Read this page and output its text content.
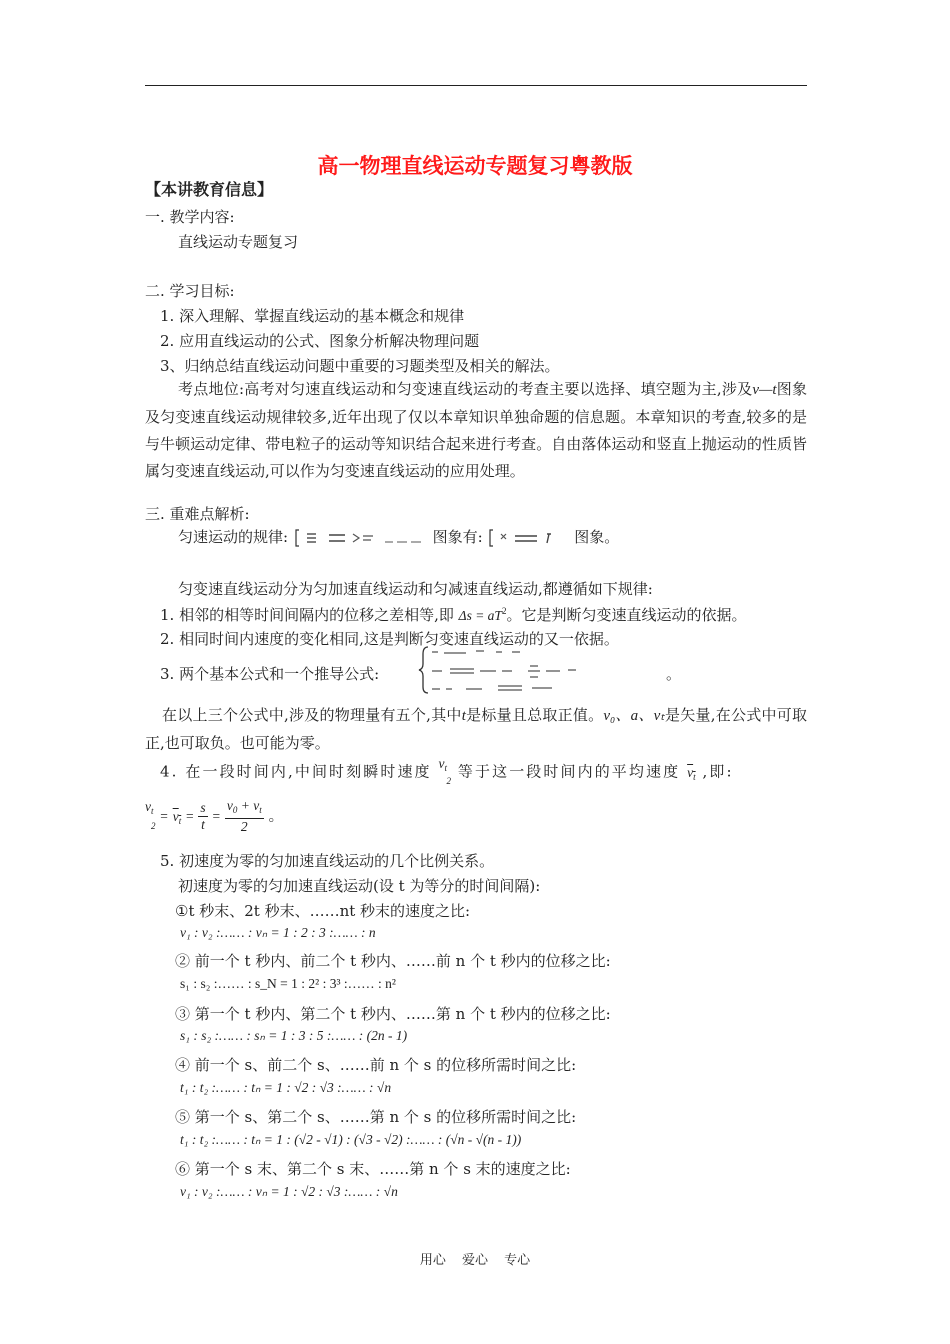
高一物理直线运动专题复习粤教版
【本讲教育信息】
一. 教学内容:
直线运动专题复习
二. 学习目标:
1. 深入理解、掌握直线运动的基本概念和规律
2. 应用直线运动的公式、图象分析解决物理问题
3、归纳总结直线运动问题中重要的习题类型及相关的解法。
考点地位:高考对匀速直线运动和匀变速直线运动的考查主要以选择、填空题为主,涉及v—t图象及匀变速直线运动规律较多,近年出现了仅以本章知识单独命题的信息题。本章知识的考查,较多的是与牛顿运动定律、带电粒子的运动等知识结合起来进行考查。自由落体运动和竖直上抛运动的性质皆属匀变速直线运动,可以作为匀变速直线运动的应用处理。
三. 重难点解析:
匀速运动的规律:	图象有:	图象。
匀变速直线运动分为匀加速直线运动和匀减速直线运动,都遵循如下规律:
1. 相邻的相等时间间隔内的位移之差相等,即 $\Delta s = aT^2$。它是判断匀变速直线运动的依据。
2. 相同时间内速度的变化相同,这是判断匀变速直线运动的又一依据。
3. 两个基本公式和一个推导公式:	。
在以上三个公式中,涉及的物理量有五个,其中t是标量且总取正值。v₀、a、vₜ是矢量,在公式中可取正,也可取负。也可能为零。
4. 在一段时间内,中间时刻瞬时速度 $v_t$
2 等于这一段时间内的平均速度 $v_t$ ,即:
$v_t$
$2 = v_t = \frac{s}{t} = \frac{v_0 + v_t}{2}$ 。
5. 初速度为零的匀加速直线运动的几个比例关系。
初速度为零的匀加速直线运动(设 t 为等分的时间间隔):
①t 秒末、2t 秒末、……nt 秒末的速度之比:
v₁ : v₂ :…… : vₙ = 1 : 2 : 3 :…… : n
② 前一个 t 秒内、前二个 t 秒内、……前 n 个 t 秒内的位移之比:
s₁ : s₂ :…… : s_N = 1 : 2² : 3³ :…… : n²
③ 第一个 t 秒内、第二个 t 秒内、……第 n 个 t 秒内的位移之比:
s₁ : s₂ :…… : sₙ = 1 : 3 : 5 :…… : (2n - 1)
④ 前一个 s、前二个 s、……前 n 个 s 的位移所需时间之比:
t₁ : t₂ :…… : tₙ = 1 : √2 : √3 :…… : √n
⑤ 第一个 s、第二个 s、……第 n 个 s 的位移所需时间之比:
t₁ : t₂ :…… : tₙ = 1 : (√2 - √1) : (√3 - √2) :…… : (√n - √(n - 1))
⑥ 第一个 s 末、第二个 s 末、……第 n 个 s 末的速度之比:
v₁ : v₂ :…… : vₙ = 1 : √2 : √3 :…… : √n
用心 爱心 专心
